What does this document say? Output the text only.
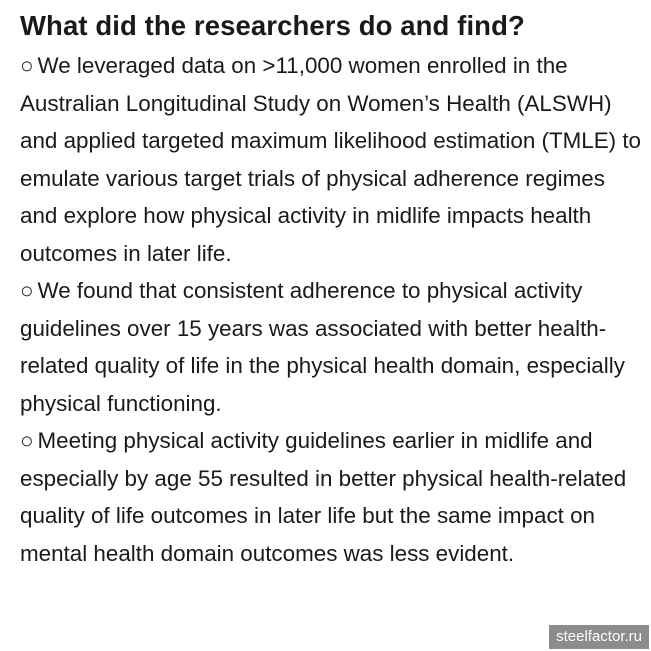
What did the researchers do and find?

○ We leveraged data on >11,000 women enrolled in the Australian Longitudinal Study on Women’s Health (ALSWH) and applied targeted maximum likelihood estimation (TMLE) to emulate various target trials of physical adherence regimes and explore how physical activity in midlife impacts health outcomes in later life.

○ We found that consistent adherence to physical activity guidelines over 15 years was associated with better health-related quality of life in the physical health domain, especially physical functioning.

○ Meeting physical activity guidelines earlier in midlife and especially by age 55 resulted in better physical health-related quality of life outcomes in later life but the same impact on mental health domain outcomes was less evident.

steelfactor.ru
